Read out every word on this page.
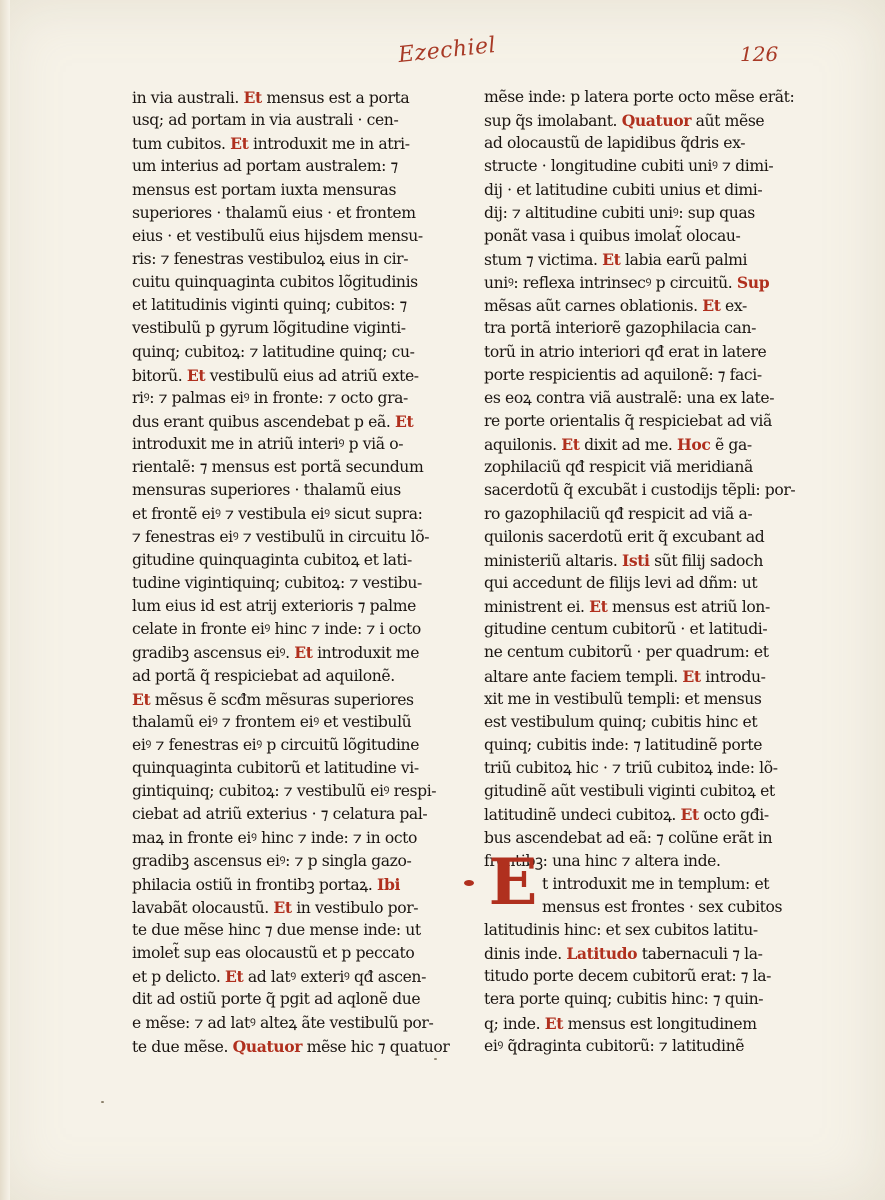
Ezechiel	126
in via australi. Et mensus est a porta
usq; ad portam in via australi · cen-
tum cubitos. Et introduxit me in atri-
um interius ad portam australem: ⁊
mensus est portam iuxta mensuras
superiores · thalamũ eius · et frontem
eius · et vestibulũ eius hijsdem mensu-
ris: ⁊ fenestras vestibuloꝝ eius in cir-
cuitu quinquaginta cubitos lõgitudinis
et latitudinis viginti quinq; cubitos: ⁊
vestibulũ p gyrum lõgitudine viginti-
quinq; cubitoꝝ: ⁊ latitudine quinq; cu-
bitorũ. Et vestibulũ eius ad atriũ exte-
riꝰ: ⁊ palmas eiꝰ in fronte: ⁊ octo gra-
dus erant quibus ascendebat p eã. Et
introduxit me in atriũ interiꝰ p viã o-
rientalẽ: ⁊ mensus est portã secundum
mensuras superiores · thalamũ eius
et frontẽ eiꝰ ⁊ vestibula eiꝰ sicut supra:
⁊ fenestras eiꝰ ⁊ vestibulũ in circuitu lõ-
gitudine quinquaginta cubitoꝝ et lati-
tudine vigintiquinq; cubitoꝝ: ⁊ vestibu-
lum eius id est atrij exterioris ⁊ palme
celate in fronte eiꝰ hinc ⁊ inde: ⁊ i octo
gradibꝫ ascensus eiꝰ. Et introduxit me
ad portã q̃ respiciebat ad aquilonẽ.
Et mẽsus ẽ scđm mẽsuras superiores
thalamũ eiꝰ ⁊ frontem eiꝰ et vestibulũ
eiꝰ ⁊ fenestras eiꝰ p circuitũ lõgitudine
quinquaginta cubitorũ et latitudine vi-
gintiquinq; cubitoꝝ: ⁊ vestibulũ eiꝰ respi-
ciebat ad atriũ exterius · ⁊ celatura pal-
maꝝ in fronte eiꝰ hinc ⁊ inde: ⁊ in octo
gradibꝫ ascensus eiꝰ: ⁊ p singla gazo-
philacia ostiũ in frontibꝫ portaꝝ. Ibi
lavabãt olocaustũ. Et in vestibulo por-
te due mẽse hinc ⁊ due mense inde: ut
imolet̃ sup eas olocaustũ et p peccato
et p delicto. Et ad latꝰ exteriꝰ qđ ascen-
dit ad ostiũ porte q̃ pgit ad aqlonẽ due
e mẽse: ⁊ ad latꝰ alteꝝ ãte vestibulũ por-
te due mẽse. Quatuor mẽse hic ⁊ quatuor
mẽse inde: p latera porte octo mẽse erãt:
sup q̃s imolabant. Quatuor aũt mẽse
ad olocaustũ de lapidibus q̃dris ex-
structe · longitudine cubiti uniꝰ ⁊ dimi-
dij · et latitudine cubiti unius et dimi-
dij: ⁊ altitudine cubiti uniꝰ: sup quas
ponãt vasa i quibus imolat̃ olocau-
stum ⁊ victima. Et labia earũ palmi
uniꝰ: reflexa intrinsecꝰ p circuitũ. Sup
mẽsas aũt carnes oblationis. Et ex-
tra portã interiorẽ gazophilacia can-
torũ in atrio interiori qđ erat in latere
porte respicientis ad aquilonẽ: ⁊ faci-
es eoꝝ contra viã australẽ: una ex late-
re porte orientalis q̃ respiciebat ad viã
aquilonis. Et dixit ad me. Hoc ẽ ga-
zophilaciũ qđ respicit viã meridianã
sacerdotũ q̃ excubãt i custodijs tẽpli: por-
ro gazophilaciũ qđ respicit ad viã a-
quilonis sacerdotũ erit q̃ excubant ad
ministeriũ altaris. Isti sũt filij sadoch
qui accedunt de filijs levi ad dñm: ut
ministrent ei. Et mensus est atriũ lon-
gitudine centum cubitorũ · et latitudi-
ne centum cubitorũ · per quadrum: et
altare ante faciem templi. Et introdu-
xit me in vestibulũ templi: et mensus
est vestibulum quinq; cubitis hinc et
quinq; cubitis inde: ⁊ latitudinẽ porte
triũ cubitoꝝ hic · ⁊ triũ cubitoꝝ inde: lõ-
gitudinẽ aũt vestibuli viginti cubitoꝝ et
latitudinẽ undeci cubitoꝝ. Et octo gđi-
bus ascendebat ad eã: ⁊ colũne erãt in
frontibꝫ: una hinc ⁊ altera inde.
t introduxit me in templum: et
mensus est frontes · sex cubitos
latitudinis hinc: et sex cubitos latitu-
dinis inde. Latitudo tabernaculi ⁊ la-
titudo porte decem cubitorũ erat: ⁊ la-
tera porte quinq; cubitis hinc: ⁊ quin-
q; inde. Et mensus est longitudinem
eiꝰ q̃draginta cubitorũ: ⁊ latitudinẽ
E
